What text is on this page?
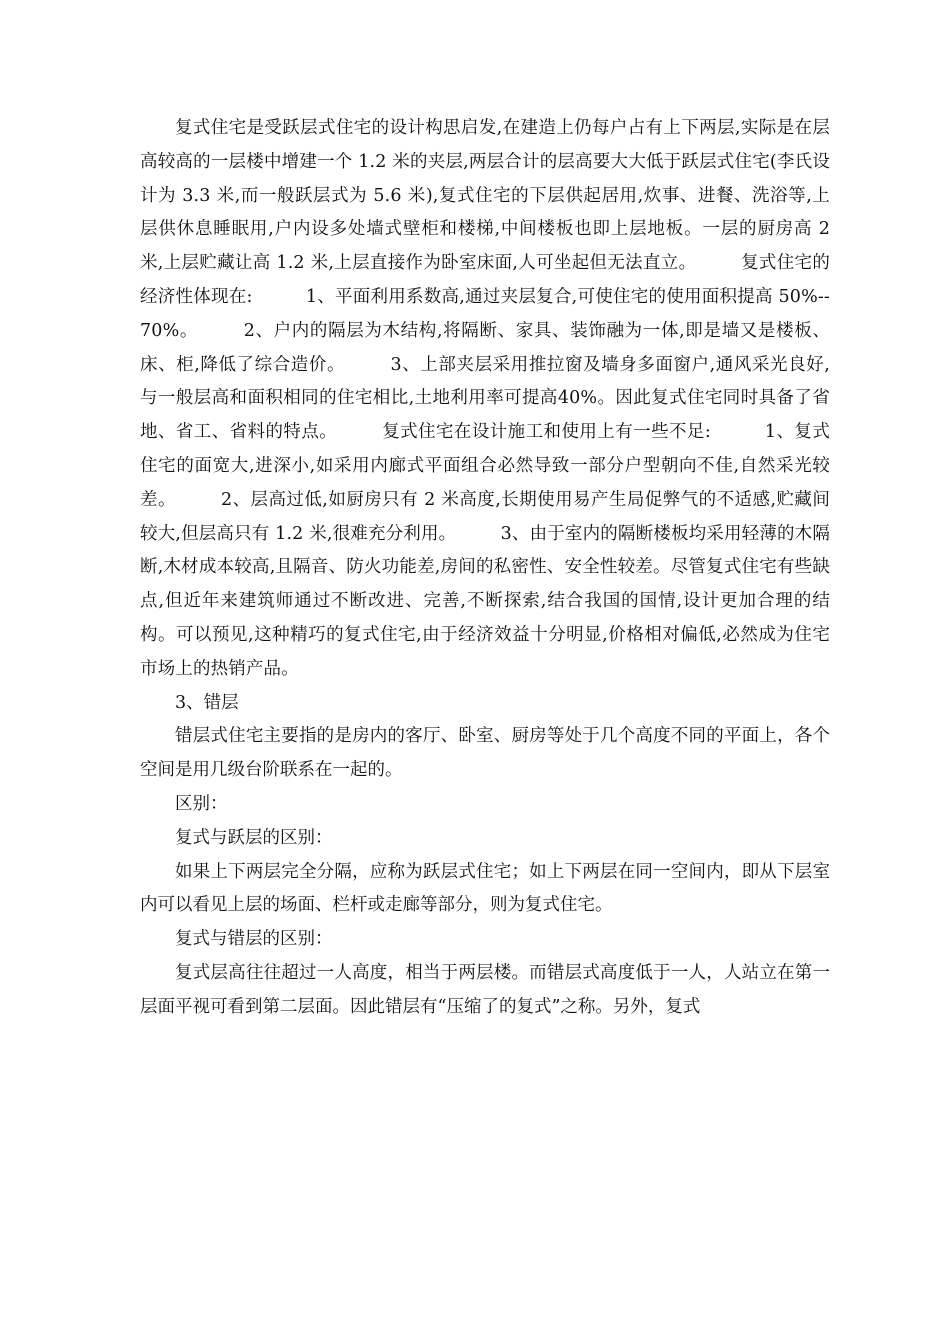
复式住宅是受跃层式住宅的设计构思启发,在建造上仍每户占有上下两层,实际是在层高较高的一层楼中增建一个 1.2 米的夹层,两层合计的层高要大大低于跃层式住宅(李氏设计为 3.3 米,而一般跃层式为 5.6 米),复式住宅的下层供起居用,炊事、进餐、洗浴等,上层供休息睡眠用,户内设多处墙式壁柜和楼梯,中间楼板也即上层地板。一层的厨房高 2 米,上层贮藏让高 1.2 米,上层直接作为卧室床面,人可坐起但无法直立。　　　复式住宅的经济性体现在:　　　1、平面利用系数高,通过夹层复合,可使住宅的使用面积提高 50%--70%。　　　2、户内的隔层为木结构,将隔断、家具、装饰融为一体,即是墙又是楼板、床、柜,降低了综合造价。　　　3、上部夹层采用推拉窗及墙身多面窗户,通风采光良好,与一般层高和面积相同的住宅相比,土地利用率可提高40%。因此复式住宅同时具备了省地、省工、省料的特点。　　　复式住宅在设计施工和使用上有一些不足:　　　1、复式住宅的面宽大,进深小,如采用内廊式平面组合必然导致一部分户型朝向不佳,自然采光较差。　　　2、层高过低,如厨房只有 2 米高度,长期使用易产生局促弊气的不适感,贮藏间较大,但层高只有 1.2 米,很难充分利用。　　　3、由于室内的隔断楼板均采用轻薄的木隔断,木材成本较高,且隔音、防火功能差,房间的私密性、安全性较差。尽管复式住宅有些缺点,但近年来建筑师通过不断改进、完善,不断探索,结合我国的国情,设计更加合理的结构。可以预见,这种精巧的复式住宅,由于经济效益十分明显,价格相对偏低,必然成为住宅市场上的热销产品。

3、错层

错层式住宅主要指的是房内的客厅、卧室、厨房等处于几个高度不同的平面上，各个空间是用几级台阶联系在一起的。

区别：

复式与跃层的区别：

如果上下两层完全分隔，应称为跃层式住宅；如上下两层在同一空间内，即从下层室内可以看见上层的场面、栏杆或走廊等部分，则为复式住宅。

复式与错层的区别：

复式层高往往超过一人高度，相当于两层楼。而错层式高度低于一人，人站立在第一层面平视可看到第二层面。因此错层有“压缩了的复式”之称。另外，复式
